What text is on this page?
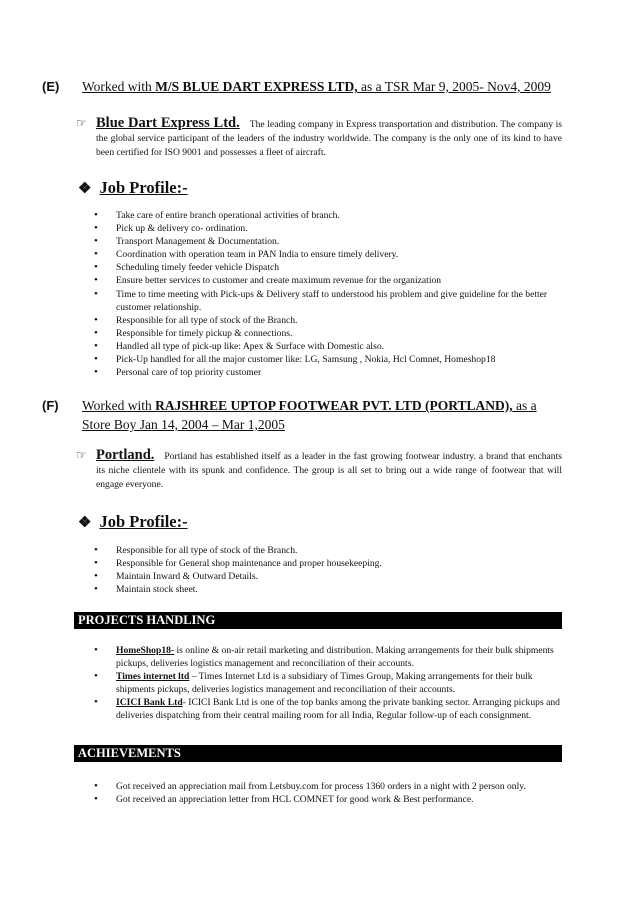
(E) Worked with M/S BLUE DART EXPRESS LTD, as a TSR Mar 9, 2005- Nov4, 2009
☞ Blue Dart Express Ltd. The leading company in Express transportation and distribution. The company is the global service participant of the leaders of the industry worldwide. The company is the only one of its kind to have been certified for ISO 9001 and possesses a fleet of aircraft.
❖ Job Profile:-
• Take care of entire branch operational activities of branch.
• Pick up & delivery co- ordination.
• Transport Management & Documentation.
• Coordination with operation team in PAN India to ensure timely delivery.
• Scheduling timely feeder vehicle Dispatch
• Ensure better services to customer and create maximum revenue for the organization
• Time to time meeting with Pick-ups & Delivery staff to understood his problem and give guideline for the better customer relationship.
• Responsible for all type of stock of the Branch.
• Responsible for timely pickup & connections.
• Handled all type of pick-up like: Apex & Surface with Domestic also.
• Pick-Up handled for all the major customer like: LG, Samsung , Nokia, Hcl Comnet, Homeshop18
• Personal care of top priority customer
(F) Worked with RAJSHREE UPTOP FOOTWEAR PVT. LTD (PORTLAND), as a
Store Boy Jan 14, 2004 – Mar 1,2005
☞ Portland. Portland has established itself as a leader in the fast growing footwear industry. a brand that enchants its niche clientele with its spunk and confidence. The group is all set to bring out a wide range of footwear that will engage everyone.
❖ Job Profile:-
• Responsible for all type of stock of the Branch.
• Responsible for General shop maintenance and proper housekeeping.
• Maintain Inward & Outward Details.
• Maintain stock sheet.
PROJECTS HANDLING
• HomeShop18- is online & on-air retail marketing and distribution. Making arrangements for their bulk shipments pickups, deliveries logistics management and reconciliation of their accounts.
• Times internet ltd – Times Internet Ltd is a subsidiary of Times Group, Making arrangements for their bulk shipments pickups, deliveries logistics management and reconciliation of their accounts.
• ICICI Bank Ltd- ICICI Bank Ltd is one of the top banks among the private banking sector. Arranging pickups and deliveries dispatching from their central mailing room for all India, Regular follow-up of each consignment.
ACHIEVEMENTS
• Got received an appreciation mail from Letsbuy.com for process 1360 orders in a night with 2 person only.
• Got received an appreciation letter from HCL COMNET for good work & Best performance.
